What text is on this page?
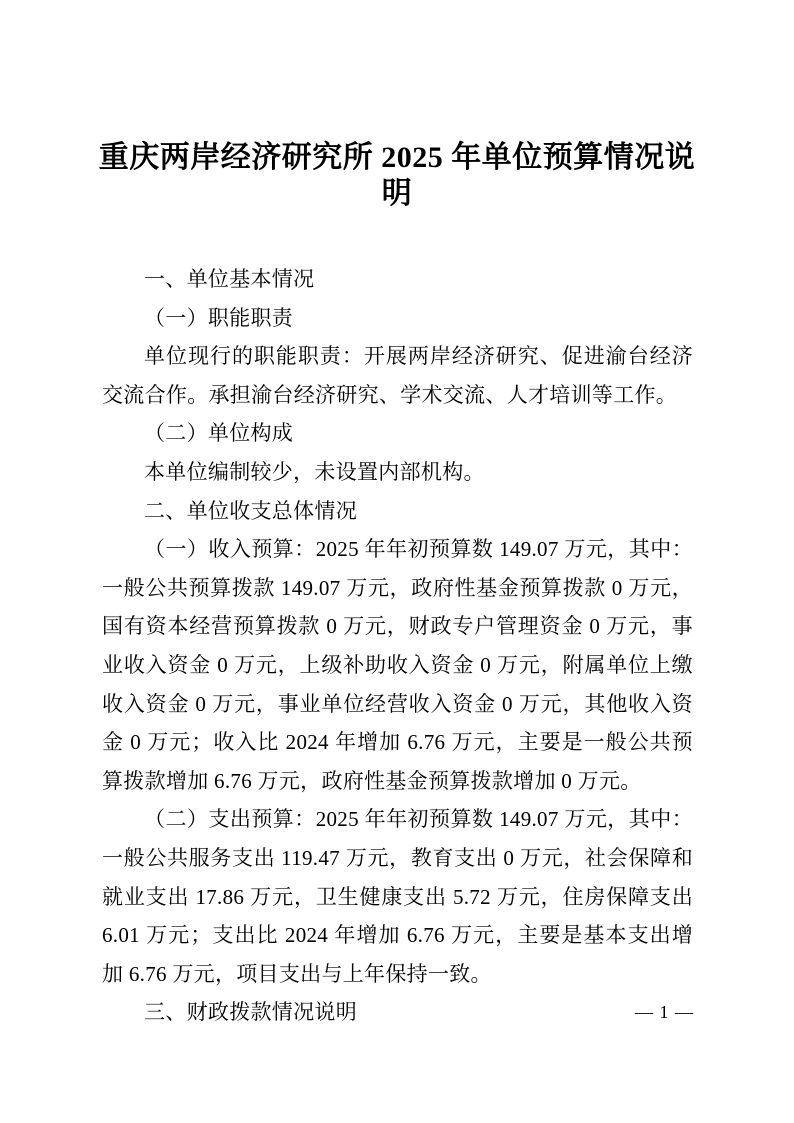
重庆两岸经济研究所 2025 年单位预算情况说明

一、单位基本情况

（一）职能职责

单位现行的职能职责：开展两岸经济研究、促进渝台经济交流合作。承担渝台经济研究、学术交流、人才培训等工作。

（二）单位构成

本单位编制较少，未设置内部机构。

二、单位收支总体情况

（一）收入预算：2025 年年初预算数 149.07 万元，其中：一般公共预算拨款 149.07 万元，政府性基金预算拨款 0 万元，国有资本经营预算拨款 0 万元，财政专户管理资金 0 万元，事业收入资金 0 万元，上级补助收入资金 0 万元，附属单位上缴收入资金 0 万元，事业单位经营收入资金 0 万元，其他收入资金 0 万元；收入比 2024 年增加 6.76 万元，主要是一般公共预算拨款增加 6.76 万元，政府性基金预算拨款增加 0 万元。

（二）支出预算：2025 年年初预算数 149.07 万元，其中：一般公共服务支出 119.47 万元，教育支出 0 万元，社会保障和就业支出 17.86 万元，卫生健康支出 5.72 万元，住房保障支出 6.01 万元；支出比 2024 年增加 6.76 万元，主要是基本支出增加 6.76 万元，项目支出与上年保持一致。

三、财政拨款情况说明	— 1 —
